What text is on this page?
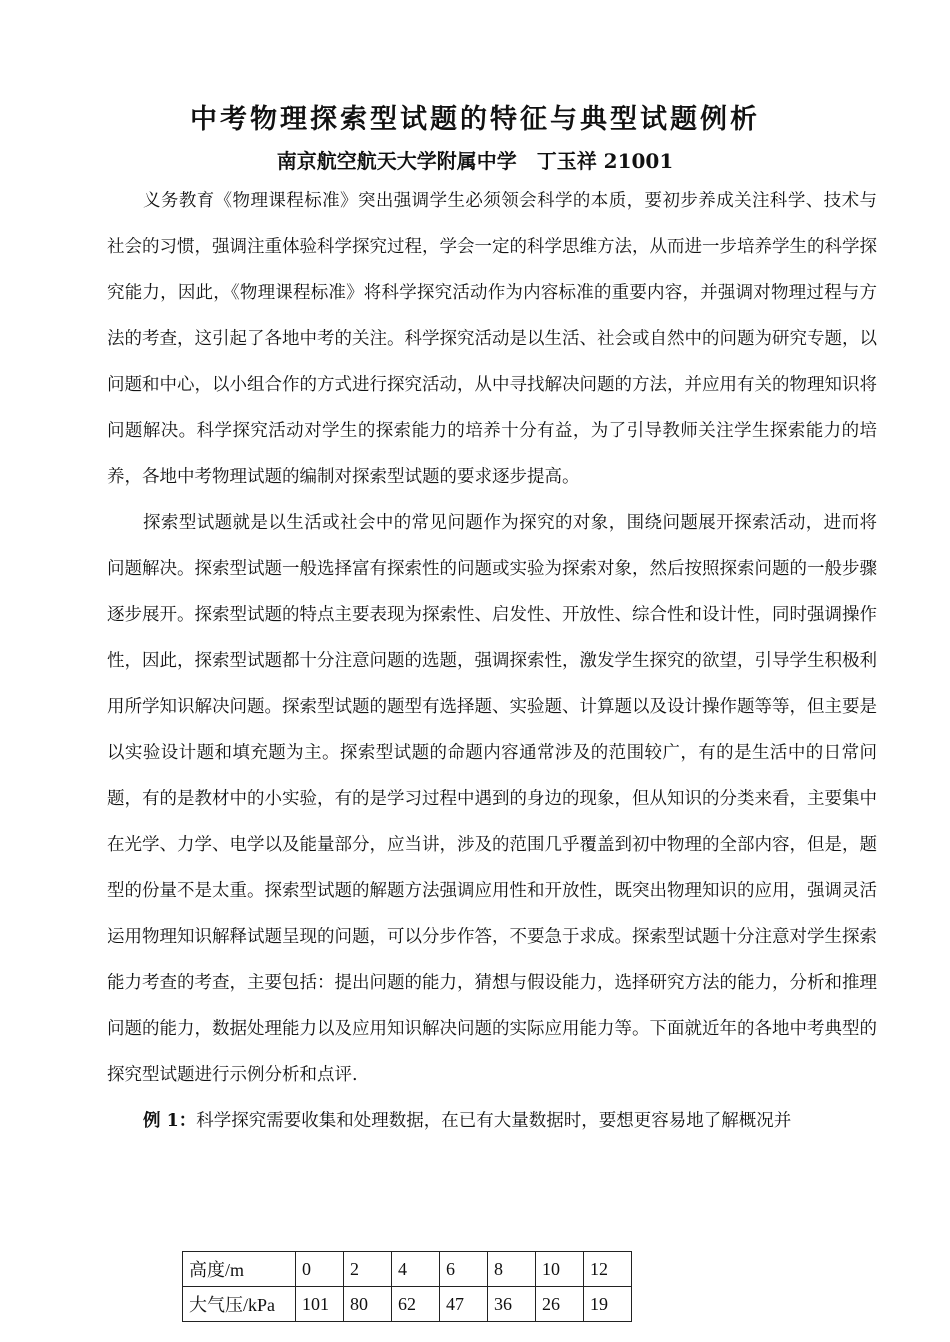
中考物理探索型试题的特征与典型试题例析
南京航空航天大学附属中学 丁玉祥 21001

义务教育《物理课程标准》突出强调学生必须领会科学的本质，要初步养成关注科学、技术与社会的习惯，强调注重体验科学探究过程，学会一定的科学思维方法，从而进一步培养学生的科学探究能力，因此，《物理课程标准》将科学探究活动作为内容标准的重要内容，并强调对物理过程与方法的考查，这引起了各地中考的关注。科学探究活动是以生活、社会或自然中的问题为研究专题，以问题和中心，以小组合作的方式进行探究活动，从中寻找解决问题的方法，并应用有关的物理知识将问题解决。科学探究活动对学生的探索能力的培养十分有益，为了引导教师关注学生探索能力的培养，各地中考物理试题的编制对探索型试题的要求逐步提高。

探索型试题就是以生活或社会中的常见问题作为探究的对象，围绕问题展开探索活动，进而将问题解决。探索型试题一般选择富有探索性的问题或实验为探索对象，然后按照探索问题的一般步骤逐步展开。探索型试题的特点主要表现为探索性、启发性、开放性、综合性和设计性，同时强调操作性，因此，探索型试题都十分注意问题的选题，强调探索性，激发学生探究的欲望，引导学生积极利用所学知识解决问题。探索型试题的题型有选择题、实验题、计算题以及设计操作题等等，但主要是以实验设计题和填充题为主。探索型试题的命题内容通常涉及的范围较广，有的是生活中的日常问题，有的是教材中的小实验，有的是学习过程中遇到的身边的现象，但从知识的分类来看，主要集中在光学、力学、电学以及能量部分，应当讲，涉及的范围几乎覆盖到初中物理的全部内容，但是，题型的份量不是太重。探索型试题的解题方法强调应用性和开放性，既突出物理知识的应用，强调灵活运用物理知识解释试题呈现的问题，可以分步作答，不要急于求成。探索型试题十分注意对学生探索能力考查的考查，主要包括：提出问题的能力，猜想与假设能力，选择研究方法的能力，分析和推理问题的能力，数据处理能力以及应用知识解决问题的实际应用能力等。下面就近年的各地中考典型的探究型试题进行示例分析和点评.

例 1：科学探究需要收集和处理数据，在已有大量数据时，要想更容易地了解概况并

高度/m	0	2	4	6	8	10	12
大气压/kPa	101	80	62	47	36	26	19
